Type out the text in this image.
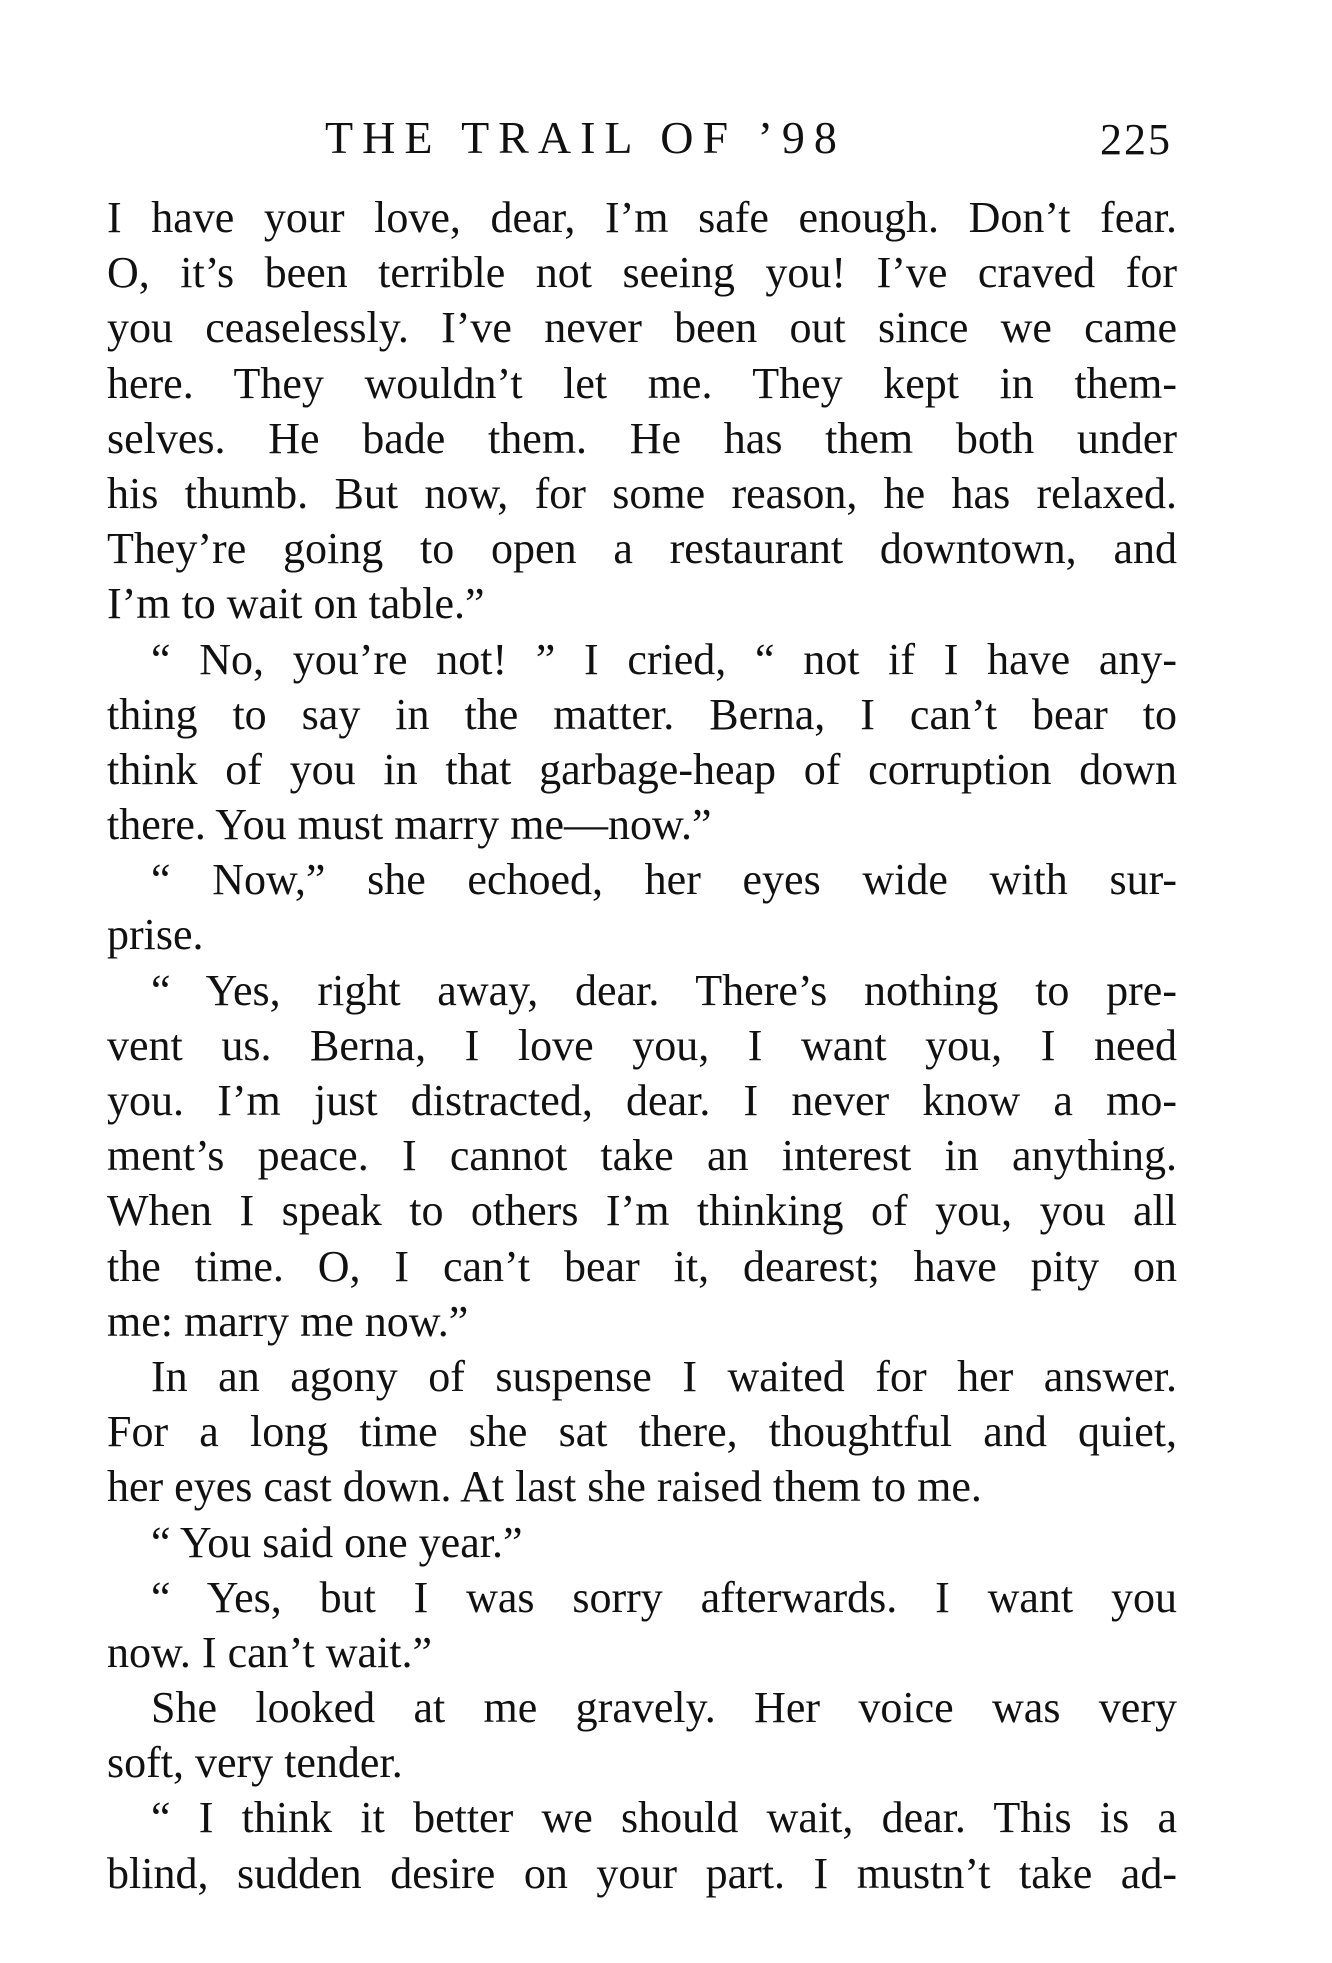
THE TRAIL OF ’98	225
I have your love, dear, I’m safe enough. Don’t fear.
O, it’s been terrible not seeing you! I’ve craved for
you ceaselessly. I’ve never been out since we came
here. They wouldn’t let me. They kept in them-
selves. He bade them. He has them both under
his thumb. But now, for some reason, he has relaxed.
They’re going to open a restaurant downtown, and
I’m to wait on table.”
“ No, you’re not! ” I cried, “ not if I have any-
thing to say in the matter. Berna, I can’t bear to
think of you in that garbage-heap of corruption down
there. You must marry me—now.”
“ Now,” she echoed, her eyes wide with sur-
prise.
“ Yes, right away, dear. There’s nothing to pre-
vent us. Berna, I love you, I want you, I need
you. I’m just distracted, dear. I never know a mo-
ment’s peace. I cannot take an interest in anything.
When I speak to others I’m thinking of you, you all
the time. O, I can’t bear it, dearest; have pity on
me: marry me now.”
In an agony of suspense I waited for her answer.
For a long time she sat there, thoughtful and quiet,
her eyes cast down. At last she raised them to me.
“ You said one year.”
“ Yes, but I was sorry afterwards. I want you
now. I can’t wait.”
She looked at me gravely. Her voice was very
soft, very tender.
“ I think it better we should wait, dear. This is a
blind, sudden desire on your part. I mustn’t take ad-
